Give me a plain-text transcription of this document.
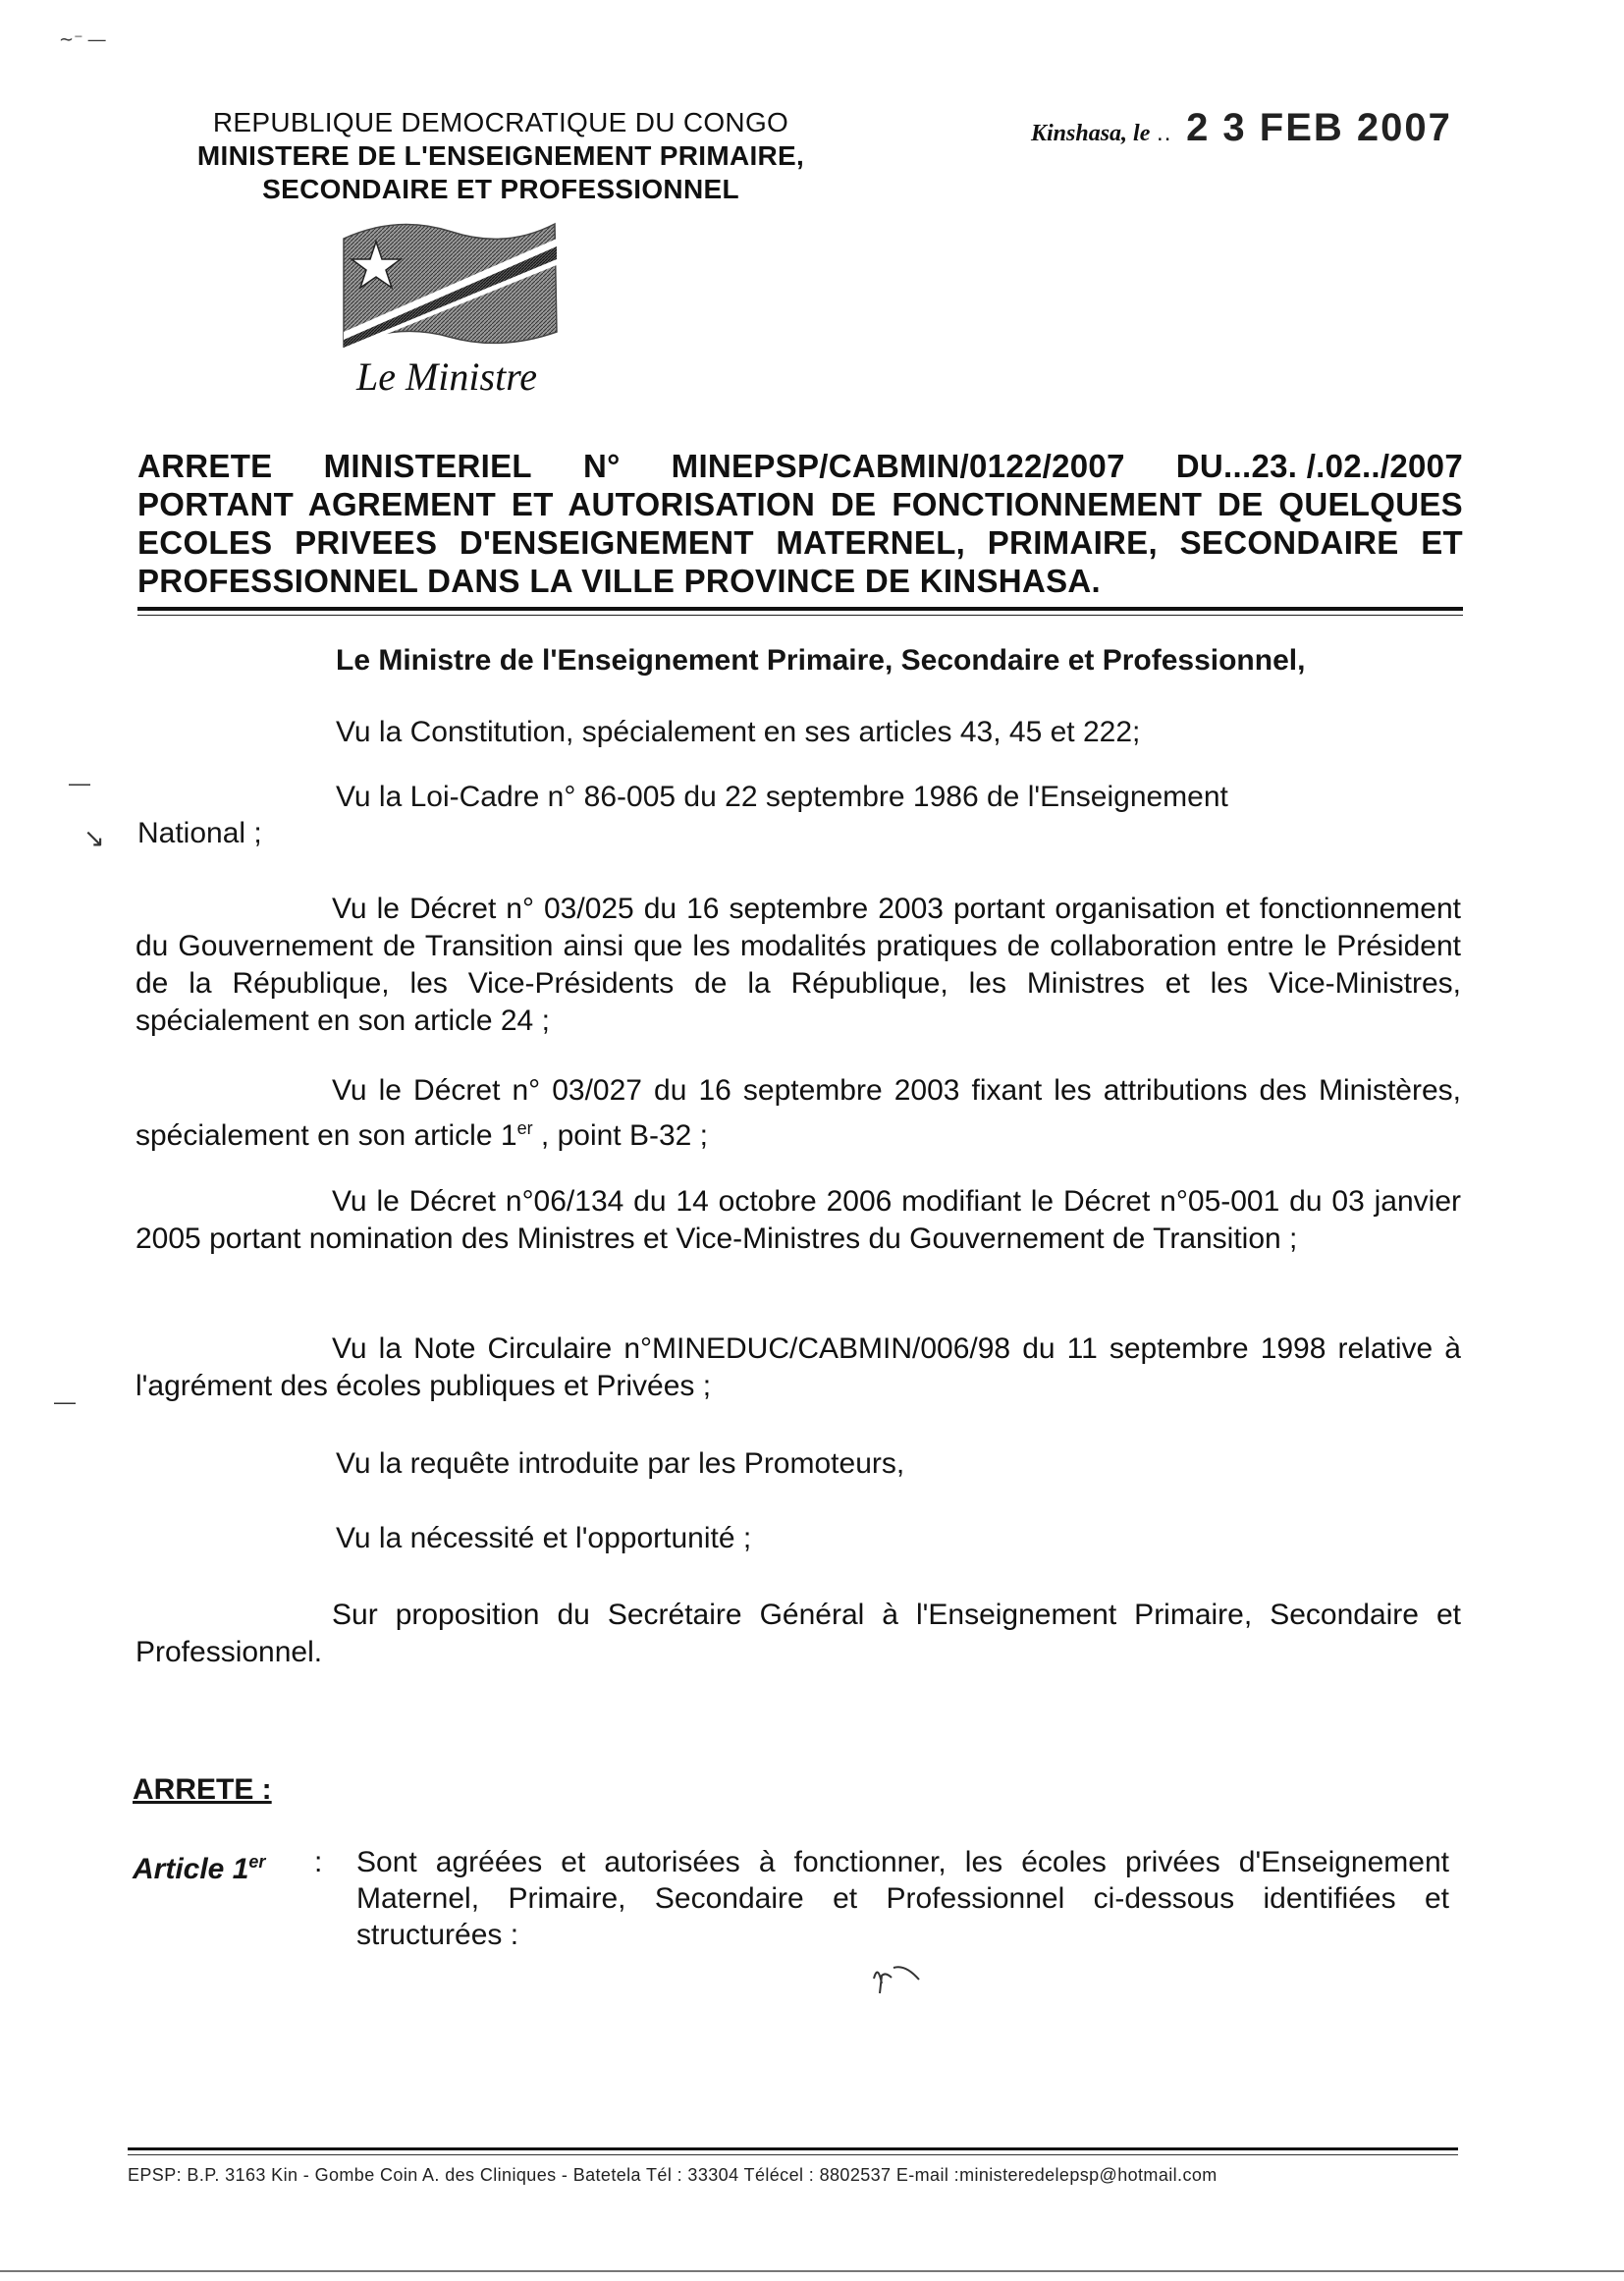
∼⁻ —
REPUBLIQUE DEMOCRATIQUE DU CONGO
MINISTERE DE L'ENSEIGNEMENT PRIMAIRE,
SECONDAIRE ET PROFESSIONNEL
Kinshasa, le .. 2 3 FEB 2007
Le Ministre
ARRETE MINISTERIEL N° MINEPSP/CABMIN/0122/2007 DU...23. /.02../2007
PORTANT AGREMENT ET AUTORISATION DE FONCTIONNEMENT DE QUELQUES ECOLES PRIVEES D'ENSEIGNEMENT MATERNEL, PRIMAIRE, SECONDAIRE ET PROFESSIONNEL DANS LA VILLE PROVINCE DE KINSHASA.
Le Ministre de l'Enseignement Primaire, Secondaire et Professionnel,
Vu la Constitution, spécialement en ses articles 43, 45 et 222;
—	Vu la Loi-Cadre n° 86-005 du 22 septembre 1986 de l'Enseignement
↘ National ;
Vu le Décret n° 03/025 du 16 septembre 2003 portant organisation et fonctionnement du Gouvernement de Transition ainsi que les modalités pratiques de collaboration entre le Président de la République, les Vice-Présidents de la République, les Ministres et les Vice-Ministres, spécialement en son article 24 ;
Vu le Décret n° 03/027 du 16 septembre 2003 fixant les attributions des Ministères, spécialement en son article 1er , point B-32 ;
Vu le Décret n°06/134 du 14 octobre 2006 modifiant le Décret n°05-001 du 03 janvier 2005 portant nomination des Ministres et Vice-Ministres du Gouvernement de Transition ;
—
Vu la Note Circulaire n°MINEDUC/CABMIN/006/98 du 11 septembre 1998 relative à l'agrément des écoles publiques et Privées ;
Vu la requête introduite par les Promoteurs,
Vu la nécessité et l'opportunité ;
Sur proposition du Secrétaire Général à l'Enseignement Primaire, Secondaire et Professionnel.
ARRETE :
Article 1er : Sont agréées et autorisées à fonctionner, les écoles privées d'Enseignement Maternel, Primaire, Secondaire et Professionnel ci-dessous identifiées et structurées :
EPSP: B.P. 3163 Kin - Gombe Coin A. des Cliniques - Batetela Tél : 33304 Télécel : 8802537 E-mail :ministeredelepsp@hotmail.com
